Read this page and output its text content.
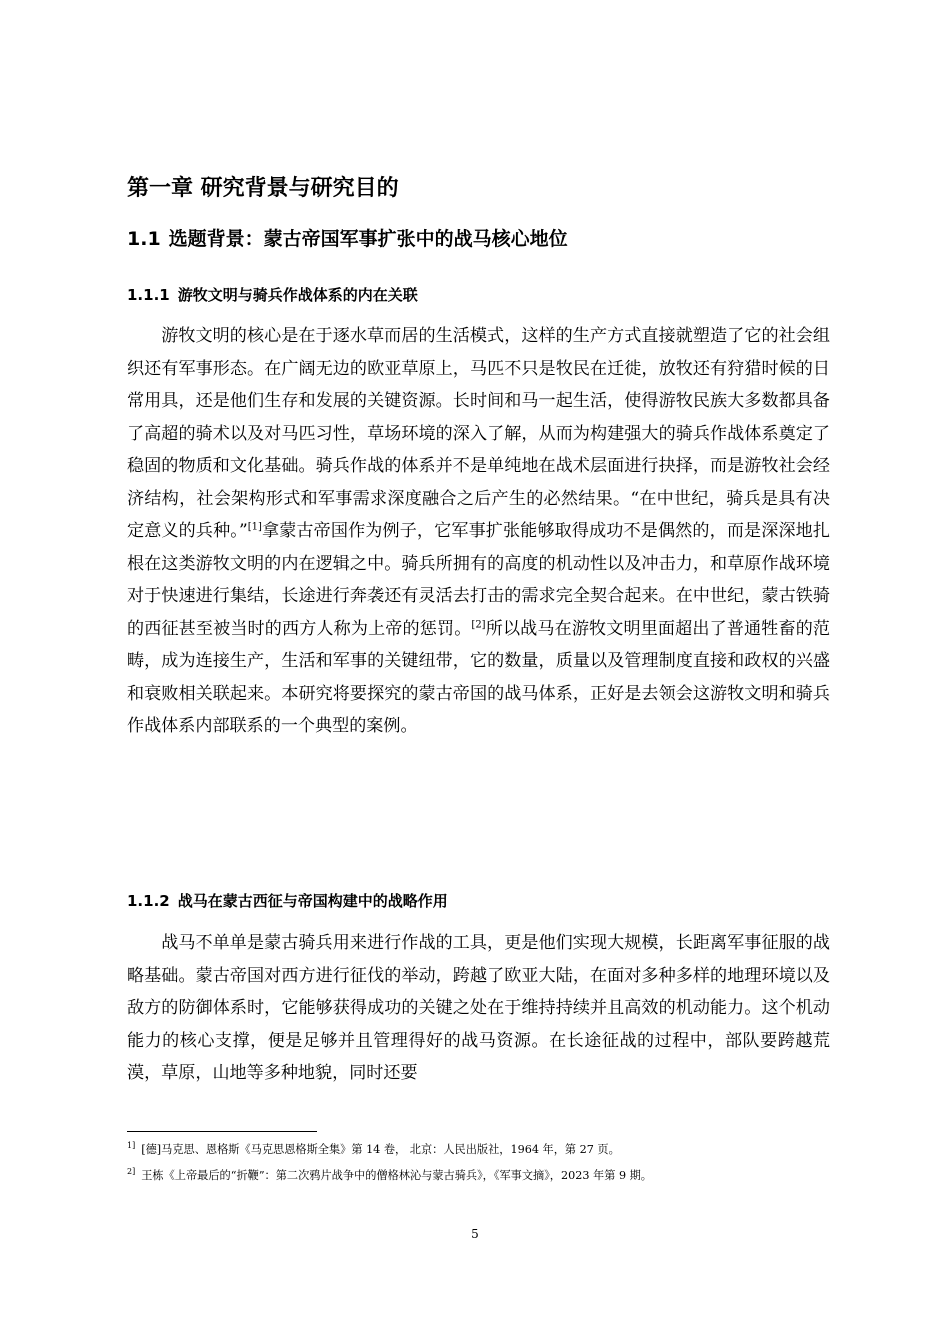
第一章 研究背景与研究目的
1.1 选题背景：蒙古帝国军事扩张中的战马核心地位
1.1.1 游牧文明与骑兵作战体系的内在关联

游牧文明的核心是在于逐水草而居的生活模式，这样的生产方式直接就塑造了它的社会组织还有军事形态。在广阔无边的欧亚草原上，马匹不只是牧民在迁徙，放牧还有狩猎时候的日常用具，还是他们生存和发展的关键资源。长时间和马一起生活，使得游牧民族大多数都具备了高超的骑术以及对马匹习性，草场环境的深入了解，从而为构建强大的骑兵作战体系奠定了稳固的物质和文化基础。骑兵作战的体系并不是单纯地在战术层面进行抉择，而是游牧社会经济结构，社会架构形式和军事需求深度融合之后产生的必然结果。“在中世纪，骑兵是具有决定意义的兵种。”[1]拿蒙古帝国作为例子，它军事扩张能够取得成功不是偶然的，而是深深地扎根在这类游牧文明的内在逻辑之中。骑兵所拥有的高度的机动性以及冲击力，和草原作战环境对于快速进行集结，长途进行奔袭还有灵活去打击的需求完全契合起来。在中世纪，蒙古铁骑的西征甚至被当时的西方人称为上帝的惩罚。[2]所以战马在游牧文明里面超出了普通牲畜的范畴，成为连接生产，生活和军事的关键纽带，它的数量，质量以及管理制度直接和政权的兴盛和衰败相关联起来。本研究将要探究的蒙古帝国的战马体系，正好是去领会这游牧文明和骑兵作战体系内部联系的一个典型的案例。

1.1.2 战马在蒙古西征与帝国构建中的战略作用

战马不单单是蒙古骑兵用来进行作战的工具，更是他们实现大规模，长距离军事征服的战略基础。蒙古帝国对西方进行征伐的举动，跨越了欧亚大陆，在面对多种多样的地理环境以及敌方的防御体系时，它能够获得成功的关键之处在于维持持续并且高效的机动能力。这个机动能力的核心支撑，便是足够并且管理得好的战马资源。在长途征战的过程中，部队要跨越荒漠，草原，山地等多种地貌，同时还要

$^{1]}$ [德]马克思、恩格斯《马克思恩格斯全集》第 14 卷， 北京：人民出版社，1964 年，第 27 页。
$^{2]}$ 王栋《上帝最后的“折鞭”：第二次鸦片战争中的僧格林沁与蒙古骑兵》，《军事文摘》，2023 年第 9 期。
5
